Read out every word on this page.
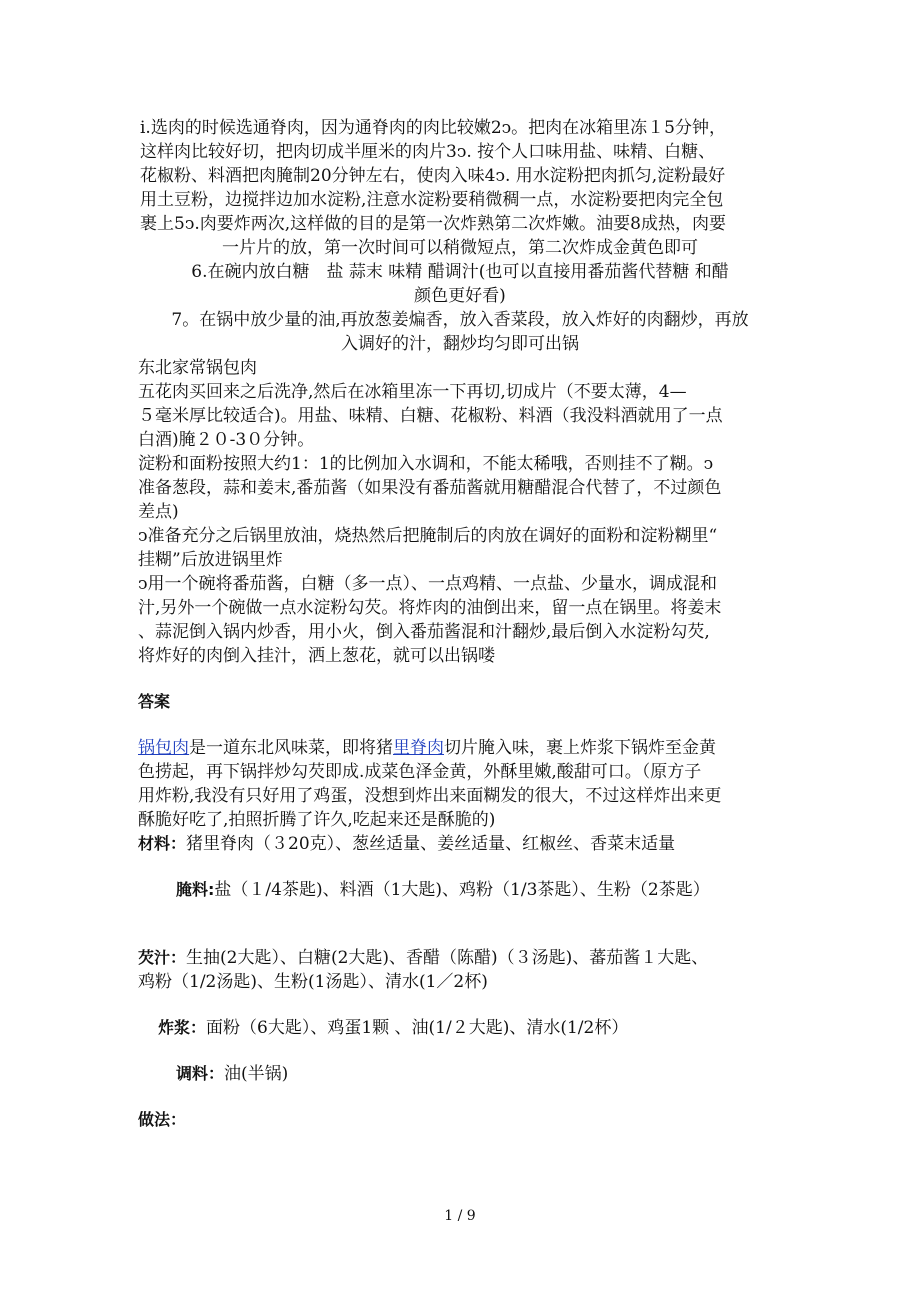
i.选肉的时候选通脊肉，因为通脊肉的肉比较嫩2ↄ。把肉在冰箱里冻１5分钟，
这样肉比较好切，把肉切成半厘米的肉片3ↄ. 按个人口味用盐、味精、白糖、
花椒粉、料酒把肉腌制20分钟左右，使肉入味4ↄ. 用水淀粉把肉抓匀,淀粉最好
用土豆粉，边搅拌边加水淀粉,注意水淀粉要稍微稠一点，水淀粉要把肉完全包
裹上5ↄ.肉要炸两次,这样做的目的是第一次炸熟第二次炸嫩。油要8成热，肉要
一片片的放，第一次时间可以稍微短点，第二次炸成金黄色即可
6.在碗内放白糖　盐 蒜末 味精 醋调汁(也可以直接用番茄酱代替糖 和醋
颜色更好看)
7。在锅中放少量的油,再放葱姜煸香，放入香菜段，放入炸好的肉翻炒，再放
入调好的汁，翻炒均匀即可出锅
东北家常锅包肉
五花肉买回来之后洗净,然后在冰箱里冻一下再切,切成片（不要太薄，4—
５毫米厚比较适合)。用盐、味精、白糖、花椒粉、料酒（我没料酒就用了一点
白酒)腌２０-3０分钟。
淀粉和面粉按照大约1：1的比例加入水调和，不能太稀哦，否则挂不了糊。ↄ
准备葱段，蒜和姜末,番茄酱（如果没有番茄酱就用糖醋混合代替了，不过颜色
差点)
ↄ准备充分之后锅里放油，烧热然后把腌制后的肉放在调好的面粉和淀粉糊里“
挂糊”后放进锅里炸
ↄ用一个碗将番茄酱，白糖（多一点）、一点鸡精、一点盐、少量水，调成混和
汁,另外一个碗做一点水淀粉勾芡。将炸肉的油倒出来，留一点在锅里。将姜末
、蒜泥倒入锅内炒香，用小火，倒入番茄酱混和汁翻炒,最后倒入水淀粉勾芡,
将炸好的肉倒入挂汁，洒上葱花，就可以出锅喽
答案
锅包肉是一道东北风味菜，即将猪里脊肉切片腌入味，裹上炸浆下锅炸至金黄
色捞起，再下锅拌炒勾芡即成.成菜色泽金黄，外酥里嫩,酸甜可口。（原方子
用炸粉,我没有只好用了鸡蛋，没想到炸出来面糊发的很大，不过这样炸出来更
酥脆好吃了,拍照折腾了许久,吃起来还是酥脆的)
材料：猪里脊肉（３20克）、葱丝适量、姜丝适量、红椒丝、香菜末适量
腌料:盐（１/4茶匙)、料酒（1大匙)、鸡粉（1/3茶匙）、生粉（2茶匙）
芡汁：生抽(2大匙）、白糖(2大匙)、香醋（陈醋)（３汤匙)、蕃茄酱１大匙、
鸡粉（1/2汤匙)、生粉(1汤匙）、清水(1／2杯)
炸浆：面粉（6大匙）、鸡蛋1颗 、油(1/２大匙)、清水(1/2杯）
调料：油(半锅)
做法：
1 / 9
